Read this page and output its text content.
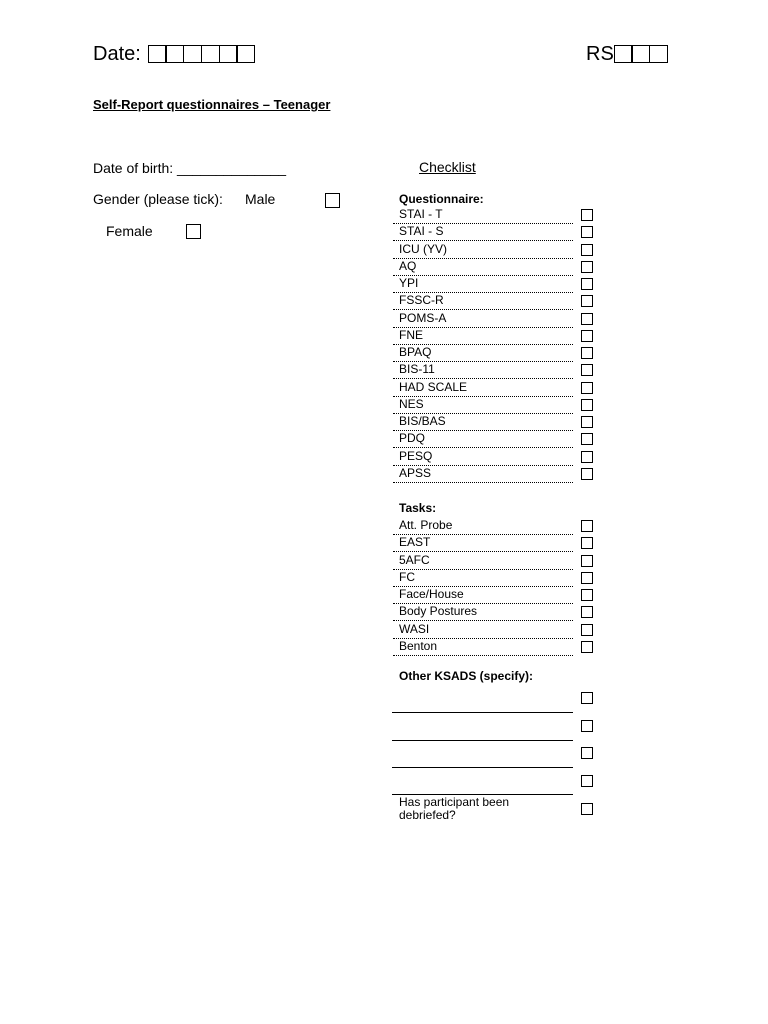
Date:	RS
Self-Report questionnaires – Teenager
Date of birth: ______________
Gender (please tick): Male
Female
Checklist
Questionnaire:
STAI - T
STAI - S
ICU (YV)
AQ
YPI
FSSC-R
POMS-A
FNE
BPAQ
BIS-11
HAD SCALE
NES
BIS/BAS
PDQ
PESQ
APSS
Tasks:
Att. Probe
EAST
5AFC
FC
Face/House
Body Postures
WASI
Benton
Other KSADS (specify):
Has participant been
debriefed?
